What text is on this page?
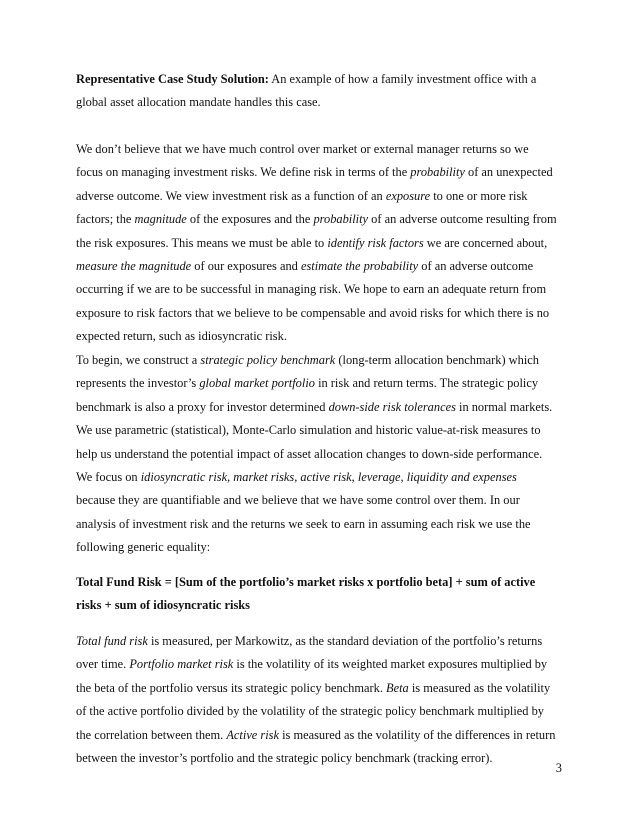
Representative Case Study Solution: An example of how a family investment office with a
global asset allocation mandate handles this case.

We don’t believe that we have much control over market or external manager returns so we
focus on managing investment risks. We define risk in terms of the probability of an unexpected
adverse outcome. We view investment risk as a function of an exposure to one or more risk
factors; the magnitude of the exposures and the probability of an adverse outcome resulting from
the risk exposures. This means we must be able to identify risk factors we are concerned about,
measure the magnitude of our exposures and estimate the probability of an adverse outcome
occurring if we are to be successful in managing risk. We hope to earn an adequate return from
exposure to risk factors that we believe to be compensable and avoid risks for which there is no
expected return, such as idiosyncratic risk.

To begin, we construct a strategic policy benchmark (long-term allocation benchmark) which
represents the investor’s global market portfolio in risk and return terms. The strategic policy
benchmark is also a proxy for investor determined down-side risk tolerances in normal markets.
We use parametric (statistical), Monte-Carlo simulation and historic value-at-risk measures to
help us understand the potential impact of asset allocation changes to down-side performance.
We focus on idiosyncratic risk, market risks, active risk, leverage, liquidity and expenses
because they are quantifiable and we believe that we have some control over them. In our
analysis of investment risk and the returns we seek to earn in assuming each risk we use the
following generic equality:

Total Fund Risk = [Sum of the portfolio’s market risks x portfolio beta] + sum of active
risks + sum of idiosyncratic risks

Total fund risk is measured, per Markowitz, as the standard deviation of the portfolio’s returns
over time. Portfolio market risk is the volatility of its weighted market exposures multiplied by
the beta of the portfolio versus its strategic policy benchmark. Beta is measured as the volatility
of the active portfolio divided by the volatility of the strategic policy benchmark multiplied by
the correlation between them. Active risk is measured as the volatility of the differences in return
between the investor’s portfolio and the strategic policy benchmark (tracking error).

3
